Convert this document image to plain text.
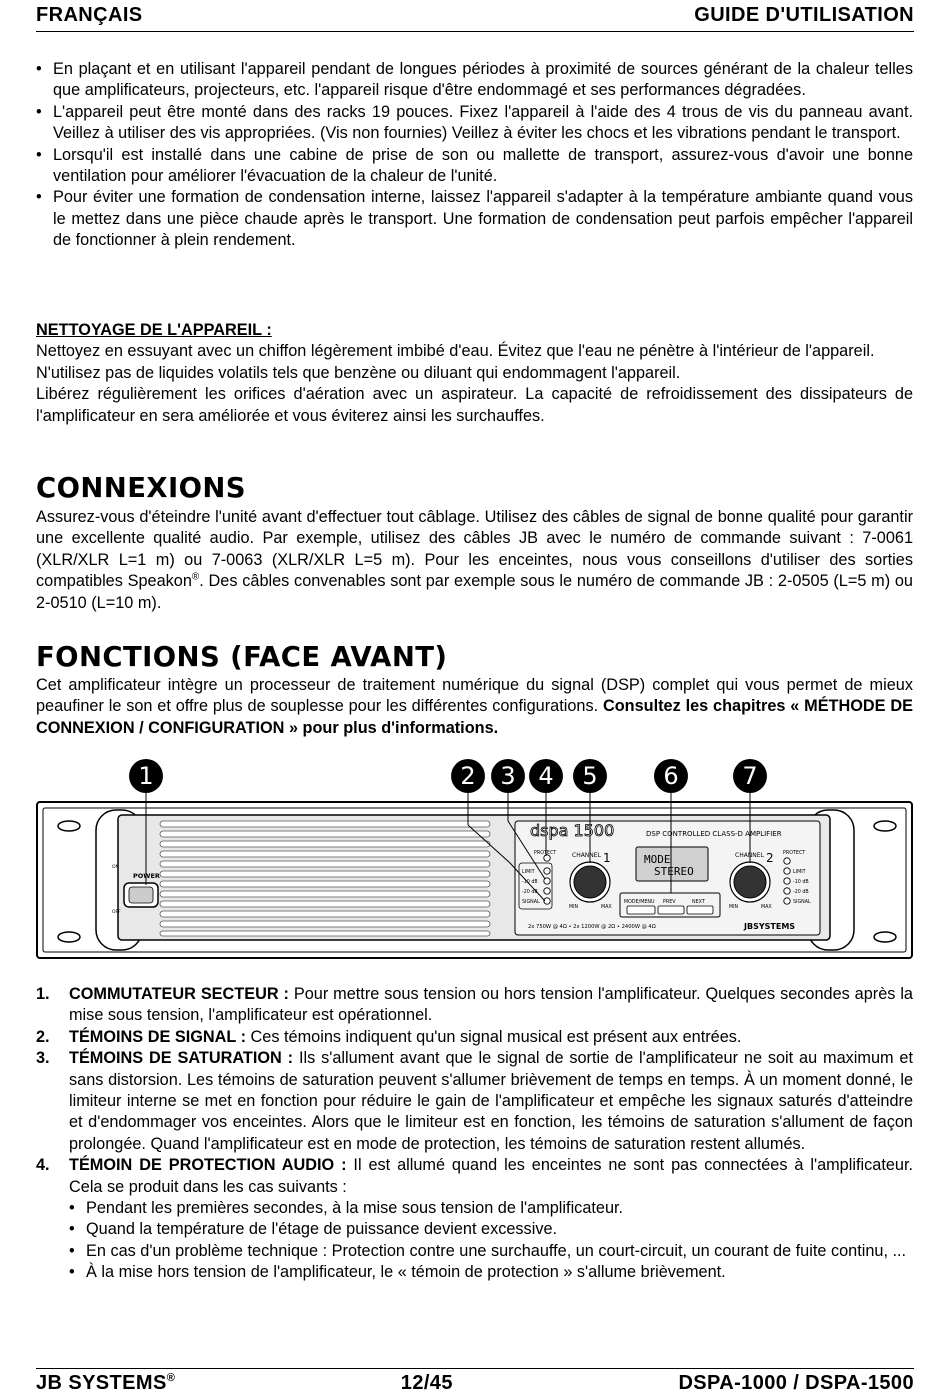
FRANÇAIS	GUIDE D'UTILISATION
• En plaçant et en utilisant l'appareil pendant de longues périodes à proximité de sources générant de la chaleur telles que amplificateurs, projecteurs, etc. l'appareil risque d'être endommagé et ses performances dégradées.
• L'appareil peut être monté dans des racks 19 pouces. Fixez l'appareil à l'aide des 4 trous de vis du panneau avant. Veillez à utiliser des vis appropriées. (Vis non fournies) Veillez à éviter les chocs et les vibrations pendant le transport.
• Lorsqu'il est installé dans une cabine de prise de son ou mallette de transport, assurez-vous d'avoir une bonne ventilation pour améliorer l'évacuation de la chaleur de l'unité.
• Pour éviter une formation de condensation interne, laissez l'appareil s'adapter à la température ambiante quand vous le mettez dans une pièce chaude après le transport. Une formation de condensation peut parfois empêcher l'appareil de fonctionner à plein rendement.
NETTOYAGE DE L'APPAREIL :
Nettoyez en essuyant avec un chiffon légèrement imbibé d'eau. Évitez que l'eau ne pénètre à l'intérieur de l'appareil.
N'utilisez pas de liquides volatils tels que benzène ou diluant qui endommagent l'appareil.
Libérez régulièrement les orifices d'aération avec un aspirateur. La capacité de refroidissement des dissipateurs de l'amplificateur en sera améliorée et vous éviterez ainsi les surchauffes.
CONNEXIONS
Assurez-vous d'éteindre l'unité avant d'effectuer tout câblage. Utilisez des câbles de signal de bonne qualité pour garantir une excellente qualité audio. Par exemple, utilisez des câbles JB avec le numéro de commande suivant : 7-0061 (XLR/XLR L=1 m) ou 7-0063 (XLR/XLR L=5 m). Pour les enceintes, nous vous conseillons d'utiliser des sorties compatibles Speakon®. Des câbles convenables sont par exemple sous le numéro de commande JB : 2-0505 (L=5 m) ou 2-0510 (L=10 m).
FONCTIONS (FACE AVANT)
Cet amplificateur intègre un processeur de traitement numérique du signal (DSP) complet qui vous permet de mieux peaufiner le son et offre plus de souplesse pour les différentes configurations. Consultez les chapitres « MÉTHODE DE CONNEXION / CONFIGURATION » pour plus d'informations.
1	2	3 4	5	6	7
dspa 1500	DSP CONTROLLED CLASS-D AMPLIFIER
POWER
ON
OFF
PROTECT
LIMIT
-10 dB
-20 dB
SIGNAL
CHANNEL 1
MIN	MAX
MODE
STEREO
MODE/MENU PREV	NEXT
CHANNEL 2
MIN	MAX
PROTECT
LIMIT
-10 dB
-20 dB
SIGNAL
2x 750W @ 4Ω • 2x 1200W @ 2Ω • 2400W @ 4Ω	JBSYSTEMS
1. COMMUTATEUR SECTEUR : Pour mettre sous tension ou hors tension l'amplificateur. Quelques secondes après la mise sous tension, l'amplificateur est opérationnel.
2. TÉMOINS DE SIGNAL : Ces témoins indiquent qu'un signal musical est présent aux entrées.
3. TÉMOINS DE SATURATION : Ils s'allument avant que le signal de sortie de l'amplificateur ne soit au maximum et sans distorsion. Les témoins de saturation peuvent s'allumer brièvement de temps en temps. À un moment donné, le limiteur interne se met en fonction pour réduire le gain de l'amplificateur et empêche les signaux saturés d'atteindre et d'endommager vos enceintes. Alors que le limiteur est en fonction, les témoins de saturation s'allument de façon prolongée. Quand l'amplificateur est en mode de protection, les témoins de saturation restent allumés.
4. TÉMOIN DE PROTECTION AUDIO : Il est allumé quand les enceintes ne sont pas connectées à l'amplificateur. Cela se produit dans les cas suivants :
• Pendant les premières secondes, à la mise sous tension de l'amplificateur.
• Quand la température de l'étage de puissance devient excessive.
• En cas d'un problème technique : Protection contre une surchauffe, un court-circuit, un courant de fuite continu, ...
• À la mise hors tension de l'amplificateur, le « témoin de protection » s'allume brièvement.
JB SYSTEMS®	12/45	DSPA-1000 / DSPA-1500
